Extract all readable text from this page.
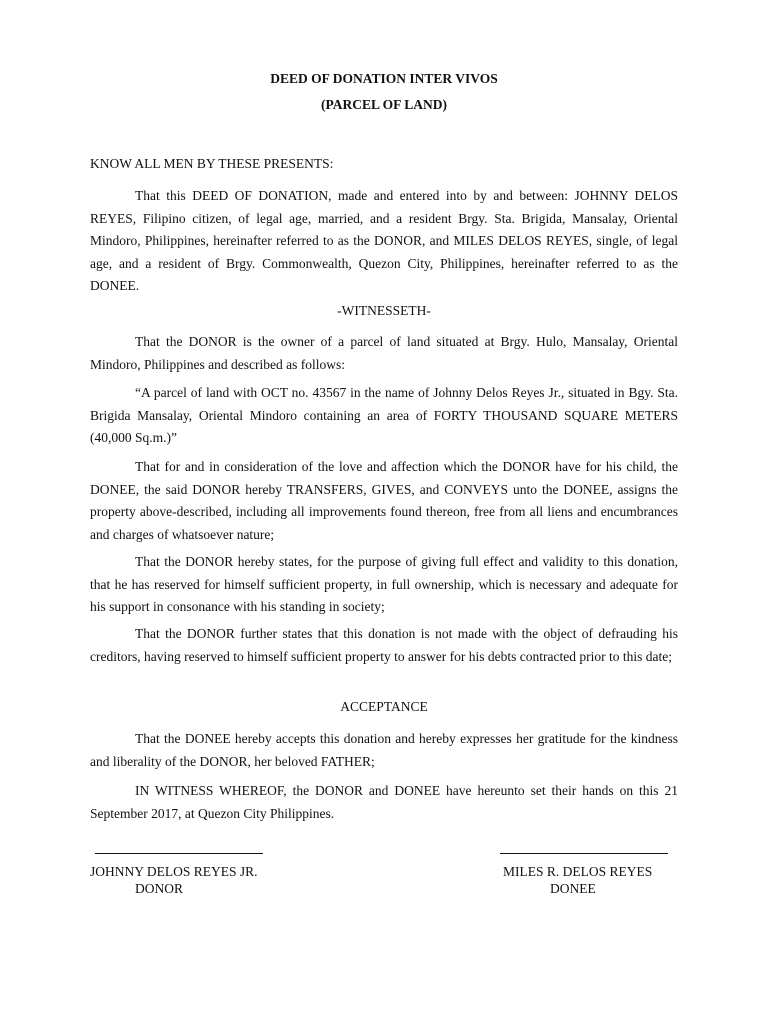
DEED OF DONATION INTER VIVOS
(PARCEL OF LAND)

KNOW ALL MEN BY THESE PRESENTS:

That this DEED OF DONATION, made and entered into by and between: JOHNNY DELOS REYES, Filipino citizen, of legal age, married, and a resident Brgy. Sta. Brigida, Mansalay, Oriental Mindoro, Philippines, hereinafter referred to as the DONOR, and MILES DELOS REYES, single, of legal age, and a resident of Brgy. Commonwealth, Quezon City, Philippines, hereinafter referred to as the DONEE.

-WITNESSETH-

That the DONOR is the owner of a parcel of land situated at Brgy. Hulo, Mansalay, Oriental Mindoro, Philippines and described as follows:

“A parcel of land with OCT no. 43567 in the name of Johnny Delos Reyes Jr., situated in Bgy. Sta. Brigida Mansalay, Oriental Mindoro containing an area of FORTY THOUSAND SQUARE METERS (40,000 Sq.m.)”

That for and in consideration of the love and affection which the DONOR have for his child, the DONEE, the said DONOR hereby TRANSFERS, GIVES, and CONVEYS unto the DONEE, assigns the property above-described, including all improvements found thereon, free from all liens and encumbrances and charges of whatsoever nature;

That the DONOR hereby states, for the purpose of giving full effect and validity to this donation, that he has reserved for himself sufficient property, in full ownership, which is necessary and adequate for his support in consonance with his standing in society;

That the DONOR further states that this donation is not made with the object of defrauding his creditors, having reserved to himself sufficient property to answer for his debts contracted prior to this date;

ACCEPTANCE

That the DONEE hereby accepts this donation and hereby expresses her gratitude for the kindness and liberality of the DONOR, her beloved FATHER;

IN WITNESS WHEREOF, the DONOR and DONEE have hereunto set their hands on this 21 September 2017, at Quezon City Philippines.

JOHNNY DELOS REYES JR.
DONOR
MILES R. DELOS REYES
DONEE
